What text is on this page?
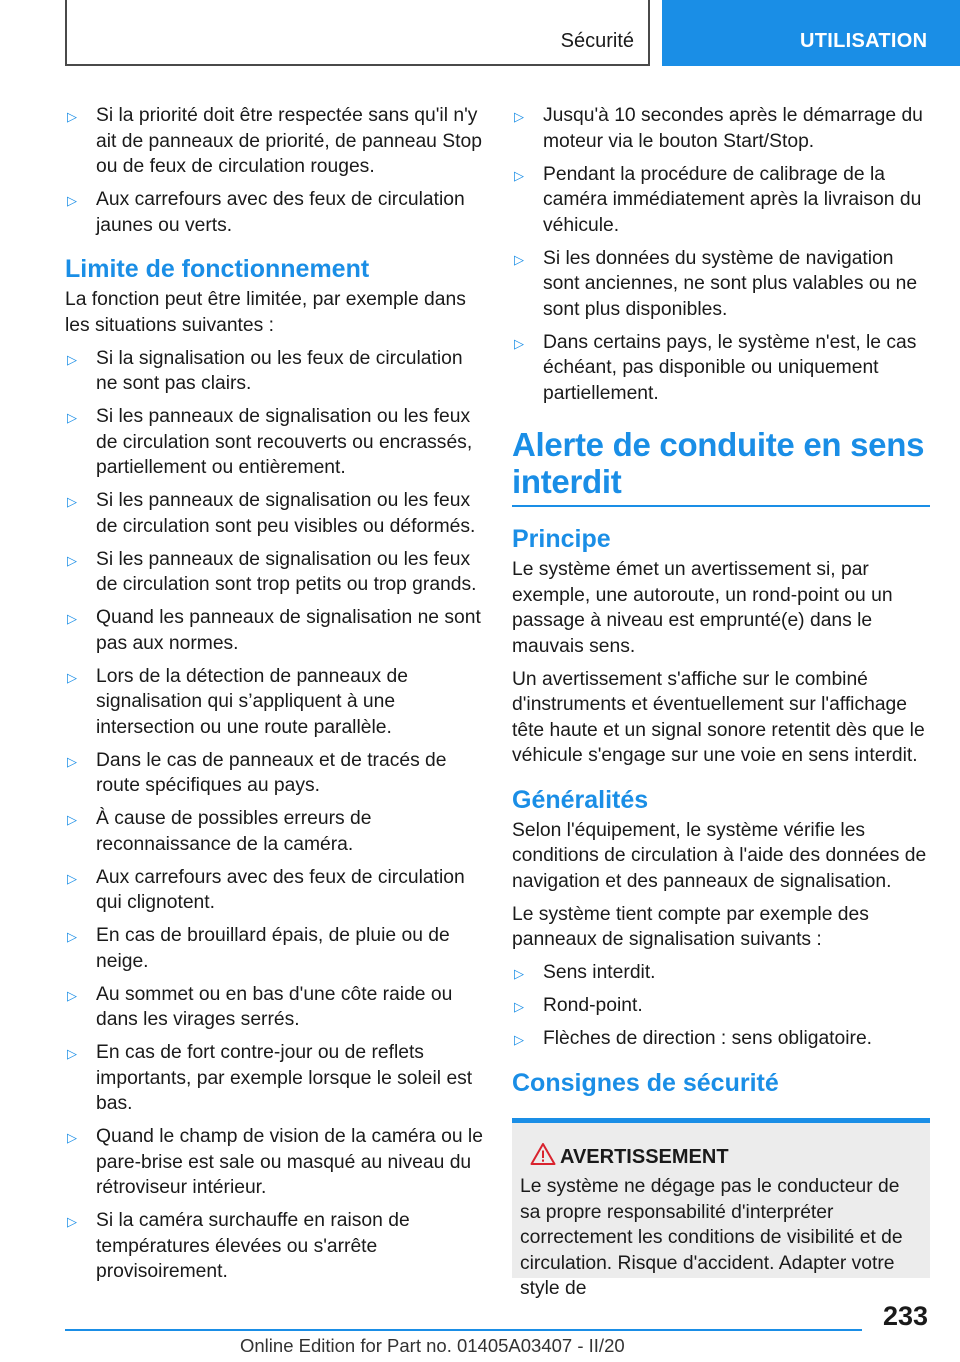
Sécurité	UTILISATION
▷ Si la priorité doit être respectée sans qu'il n'y ait de panneaux de priorité, de panneau Stop ou de feux de circulation rouges.
▷ Aux carrefours avec des feux de circulation jaunes ou verts.
Limite de fonctionnement

La fonction peut être limitée, par exemple dans les situations suivantes :

▷ Si la signalisation ou les feux de circulation ne sont pas clairs.
▷ Si les panneaux de signalisation ou les feux de circulation sont recouverts ou encrassés, partiellement ou entièrement.
▷ Si les panneaux de signalisation ou les feux de circulation sont peu visibles ou déformés.
▷ Si les panneaux de signalisation ou les feux de circulation sont trop petits ou trop grands.
▷ Quand les panneaux de signalisation ne sont pas aux normes.
▷ Lors de la détection de panneaux de signalisation qui s’appliquent à une intersection ou une route parallèle.
▷ Dans le cas de panneaux et de tracés de route spécifiques au pays.
▷ À cause de possibles erreurs de reconnaissance de la caméra.
▷ Aux carrefours avec des feux de circulation qui clignotent.
▷ En cas de brouillard épais, de pluie ou de neige.
▷ Au sommet ou en bas d'une côte raide ou dans les virages serrés.
▷ En cas de fort contre-jour ou de reflets importants, par exemple lorsque le soleil est bas.
▷ Quand le champ de vision de la caméra ou le pare-brise est sale ou masqué au niveau du rétroviseur intérieur.
▷ Si la caméra surchauffe en raison de températures élevées ou s'arrête provisoirement.
▷ Jusqu'à 10 secondes après le démarrage du moteur via le bouton Start/Stop.
▷ Pendant la procédure de calibrage de la caméra immédiatement après la livraison du véhicule.
▷ Si les données du système de navigation sont anciennes, ne sont plus valables ou ne sont plus disponibles.
▷ Dans certains pays, le système n'est, le cas échéant, pas disponible ou uniquement partiellement.
Alerte de conduite en sens interdit
Principe

Le système émet un avertissement si, par exemple, une autoroute, un rond-point ou un passage à niveau est emprunté(e) dans le mauvais sens.

Un avertissement s'affiche sur le combiné d'instruments et éventuellement sur l'affichage tête haute et un signal sonore retentit dès que le véhicule s'engage sur une voie en sens interdit.

Généralités

Selon l'équipement, le système vérifie les conditions de circulation à l'aide des données de navigation et des panneaux de signalisation.

Le système tient compte par exemple des panneaux de signalisation suivants :

▷ Sens interdit.
▷ Rond-point.
▷ Flèches de direction : sens obligatoire.
Consignes de sécurité
AVERTISSEMENT

Le système ne dégage pas le conducteur de sa propre responsabilité d'interpréter correctement les conditions de visibilité et de circulation. Risque d'accident. Adapter votre style de

233
Online Edition for Part no. 01405A03407 - II/20
